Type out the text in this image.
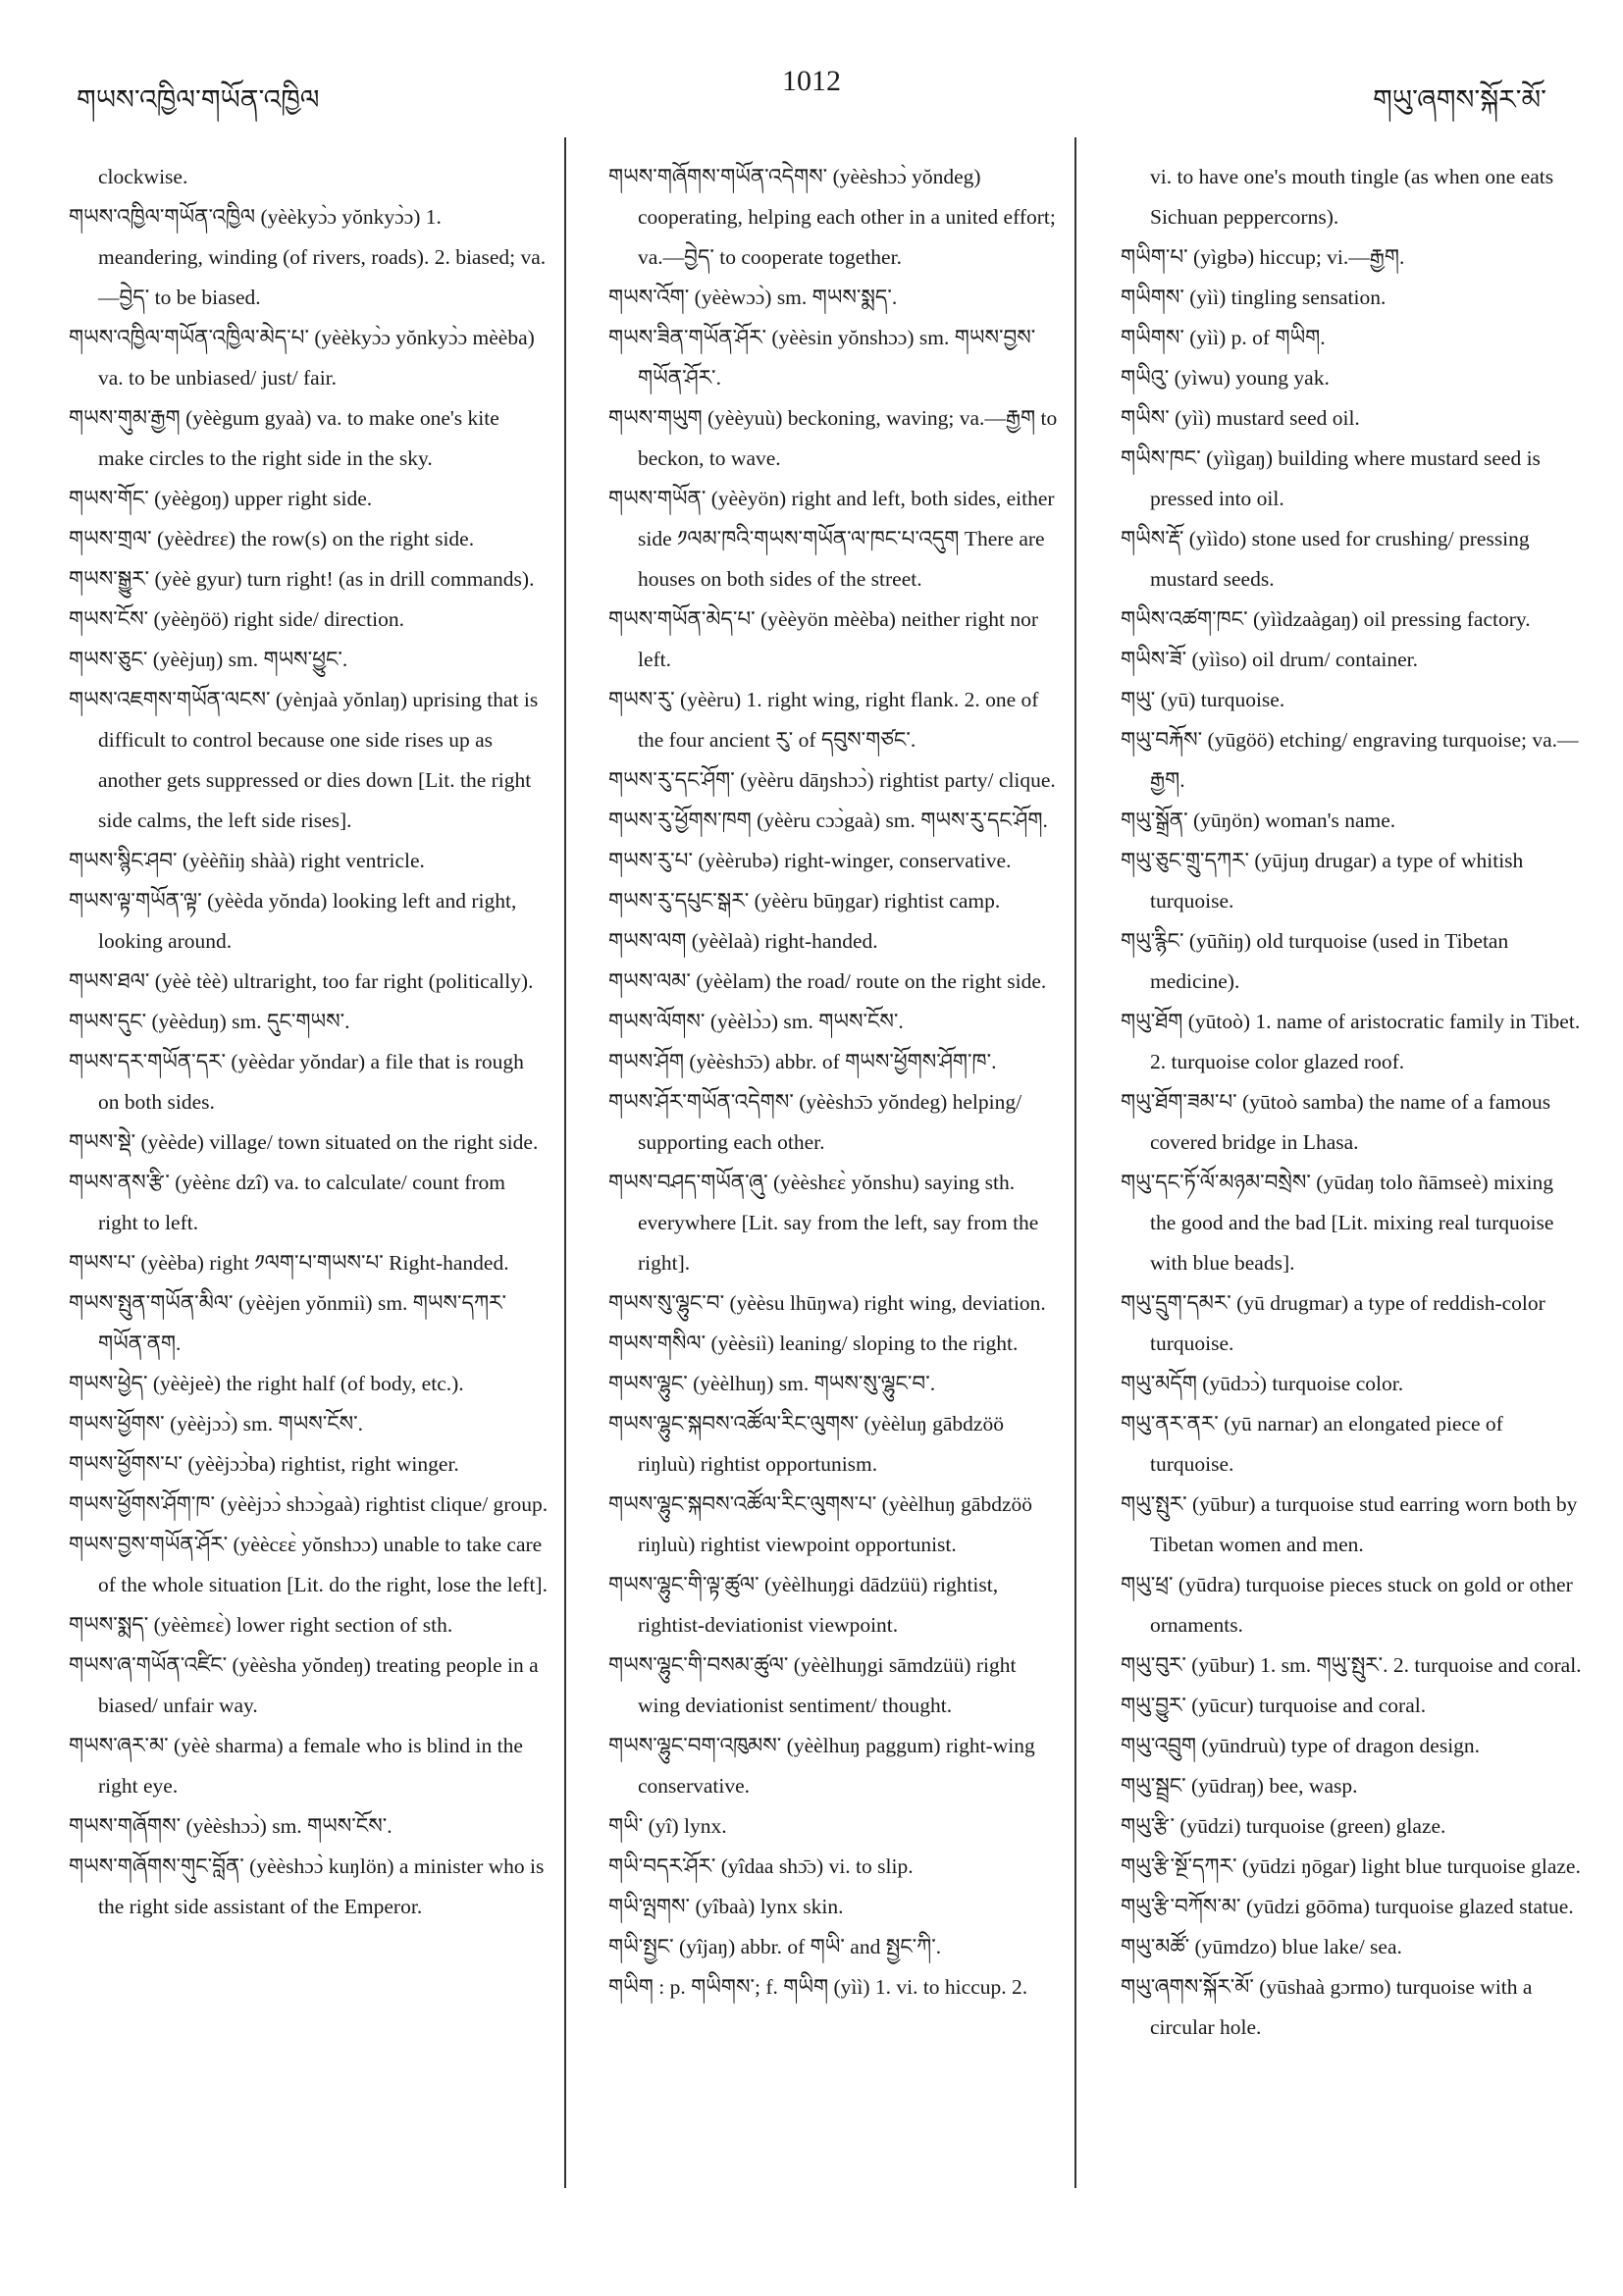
གཡས་འཁྱིལ་གཡོན་འཁྱིལ
1012
གཡུ་ཞགས་སྐོར་མོ་

clockwise.

གཡས་འཁྱིལ་གཡོན་འཁྱིལ (yèèkyɔ̀ɔ yŏnkyɔ̀ɔ) 1. meandering, winding (of rivers, roads). 2. biased; va.—བྱེད་ to be biased.

གཡས་འཁྱིལ་གཡོན་འཁྱིལ་མེད་པ་ (yèèkyɔ̀ɔ yŏnkyɔ̀ɔ mèèba) va. to be unbiased/ just/ fair.

གཡས་གུམ་རྒྱག (yèègum gyaà) va. to make one's kite make circles to the right side in the sky.

གཡས་གོང་ (yèègoŋ) upper right side.

གཡས་གྲལ་ (yèèdrɛɛ) the row(s) on the right side.

གཡས་སྒྱུར་ (yèè gyur) turn right! (as in drill commands).

གཡས་ངོས་ (yèèŋöö) right side/ direction.

གཡས་ཅུང་ (yèèjuŋ) sm. གཡས་ཕྱུང་.

གཡས་འཇགས་གཡོན་ལངས་ (yènjaà yŏnlaŋ) uprising that is difficult to control because one side rises up as another gets suppressed or dies down [Lit. the right side calms, the left side rises].

གཡས་སྙིང་ཤབ་ (yèèñiŋ shàà) right ventricle.

གཡས་ལྟ་གཡོན་ལྟ་ (yèèda yŏnda) looking left and right, looking around.

གཡས་ཐལ་ (yèè tèè) ultraright, too far right (politically).

གཡས་དུང་ (yèèduŋ) sm. དུང་གཡས་.

གཡས་དར་གཡོན་དར་ (yèèdar yŏndar) a file that is rough on both sides.

གཡས་སྡེ་ (yèède) village/ town situated on the right side.

གཡས་ནས་རྩི་ (yèènɛ dzî) va. to calculate/ count from right to left.

གཡས་པ་ (yèèba) right ༡ལག་པ་གཡས་པ་ Right-handed.

གཡས་སྤུན་གཡོན་མིལ་ (yèèjen yŏnmiì) sm. གཡས་དཀར་གཡོན་ནག.

གཡས་ཕྱེད་ (yèèjeè) the right half (of body, etc.).

གཡས་ཕྱོགས་ (yèèjɔɔ̀) sm. གཡས་ངོས་.

གཡས་ཕྱོགས་པ་ (yèèjɔɔ̀ba) rightist, right winger.

གཡས་ཕྱོགས་ཤོག་ཁ་ (yèèjɔɔ̀ shɔɔ̀gaà) rightist clique/ group.

གཡས་བྱས་གཡོན་ཤོར་ (yèècɛɛ̀ yŏnshɔɔ) unable to take care of the whole situation [Lit. do the right, lose the left].

གཡས་སྨད་ (yèèmɛɛ̀) lower right section of sth.

གཡས་ཞ་གཡོན་འཛིང་ (yèèsha yŏndeŋ) treating people in a biased/ unfair way.

གཡས་ཞར་མ་ (yèè sharma) a female who is blind in the right eye.

གཡས་གཞོགས་ (yèèshɔɔ̀) sm. གཡས་ངོས་.

གཡས་གཞོགས་གུང་བློན་ (yèèshɔɔ̀ kuŋlön) a minister who is the right side assistant of the Emperor.

གཡས་གཞོགས་གཡོན་འདེགས་ (yèèshɔɔ̀ yŏndeg) cooperating, helping each other in a united effort; va.—བྱེད་ to cooperate together.

གཡས་འོག་ (yèèwɔɔ̀) sm. གཡས་སྨད་.

གཡས་ཟིན་གཡོན་ཤོར་ (yèèsin yŏnshɔɔ) sm. གཡས་བྱས་གཡོན་ཤོར་.

གཡས་གཡུག (yèèyuù) beckoning, waving; va.—རྒྱག to beckon, to wave.

གཡས་གཡོན་ (yèèyön) right and left, both sides, either side ༡ལམ་ཁའི་གཡས་གཡོན་ལ་ཁང་པ་འདུག There are houses on both sides of the street.

གཡས་གཡོན་མེད་པ་ (yèèyön mèèba) neither right nor left.

གཡས་རུ་ (yèèru) 1. right wing, right flank. 2. one of the four ancient རུ་ of དབུས་གཙང་.

གཡས་རུ་དང་ཤོག་ (yèèru dāŋshɔɔ̀) rightist party/ clique.

གཡས་རུ་ཕྱོགས་ཁག (yèèru cɔɔ̀gaà) sm. གཡས་རུ་དང་ཤོག.

གཡས་རུ་པ་ (yèèrubə) right-winger, conservative.

གཡས་རུ་དཔུང་སྒར་ (yèèru būŋgar) rightist camp.

གཡས་ལག (yèèlaà) right-handed.

གཡས་ལམ་ (yèèlam) the road/ route on the right side.

གཡས་ལོགས་ (yèèlɔ̀ɔ) sm. གཡས་ངོས་.

གཡས་ཤོག (yèèshɔ̄ɔ) abbr. of གཡས་ཕྱོགས་ཤོག་ཁ་.

གཡས་ཤོར་གཡོན་འདེགས་ (yèèshɔ̄ɔ yŏndeg) helping/ supporting each other.

གཡས་བཤད་གཡོན་ཞུ་ (yèèshɛɛ̀ yŏnshu) saying sth. everywhere [Lit. say from the left, say from the right].

གཡས་སུ་ལྷུང་བ་ (yèèsu lhūŋwa) right wing, deviation.

གཡས་གསིལ་ (yèèsiì) leaning/ sloping to the right.

གཡས་ལྷུང་ (yèèlhuŋ) sm. གཡས་སུ་ལྷུང་བ་.

གཡས་ལྷུང་སྐབས་འཚོལ་རིང་ལུགས་ (yèèluŋ gābdzöö riŋluù) rightist opportunism.

གཡས་ལྷུང་སྐབས་འཚོལ་རིང་ལུགས་པ་ (yèèlhuŋ gābdzöö riŋluù) rightist viewpoint opportunist.

གཡས་ལྷུང་གི་ལྟ་ཚུལ་ (yèèlhuŋgi dādzüü) rightist, rightist-deviationist viewpoint.

གཡས་ལྷུང་གི་བསམ་ཚུལ་ (yèèlhuŋgi sāmdzüü) right wing deviationist sentiment/ thought.

གཡས་ལྷུང་བག་འཁུམས་ (yèèlhuŋ paggum) right-wing conservative.

གཡི་ (yî) lynx.

གཡི་བདར་ཤོར་ (yîdaa shɔ̄ɔ) vi. to slip.

གཡི་ལྤགས་ (yîbaà) lynx skin.

གཡི་སྤྱང་ (yîjaŋ) abbr. of གཡི་ and སྤྱང་ཀི་.

གཡིག : p. གཡིགས་; f. གཡིག (yìì) 1. vi. to hiccup. 2.

vi. to have one's mouth tingle (as when one eats Sichuan peppercorns).

གཡིག་པ་ (yìgbə) hiccup; vi.—རྒྱག.

གཡིགས་ (yìì) tingling sensation.

གཡིགས་ (yìì) p. of གཡིག.

གཡིའུ་ (yìwu) young yak.

གཡིས་ (yìì) mustard seed oil.

གཡིས་ཁང་ (yììgaŋ) building where mustard seed is pressed into oil.

གཡིས་རྡོ་ (yììdo) stone used for crushing/ pressing mustard seeds.

གཡིས་འཚག་ཁང་ (yììdzaàgaŋ) oil pressing factory.

གཡིས་ཟོ་ (yììso) oil drum/ container.

གཡུ་ (yū) turquoise.

གཡུ་བརྐོས་ (yūgöö) etching/ engraving turquoise; va.—རྒྱག.

གཡུ་སྒྲོན་ (yūŋön) woman's name.

གཡུ་ཅུང་གྲུ་དཀར་ (yūjuŋ drugar) a type of whitish turquoise.

གཡུ་རྙིང་ (yūñiŋ) old turquoise (used in Tibetan medicine).

གཡུ་ཐོག (yūtoò) 1. name of aristocratic family in Tibet. 2. turquoise color glazed roof.

གཡུ་ཐོག་ཟམ་པ་ (yūtoò samba) the name of a famous covered bridge in Lhasa.

གཡུ་དང་ཏོ་ལོ་མཉམ་བསྲེས་ (yūdaŋ tolo ñāmseè) mixing the good and the bad [Lit. mixing real turquoise with blue beads].

གཡུ་དྲུག་དམར་ (yū drugmar) a type of reddish-color turquoise.

གཡུ་མདོག (yūdɔɔ̀) turquoise color.

གཡུ་ནར་ནར་ (yū narnar) an elongated piece of turquoise.

གཡུ་སྤུར་ (yūbur) a turquoise stud earring worn both by Tibetan women and men.

གཡུ་ཕྲ་ (yūdra) turquoise pieces stuck on gold or other ornaments.

གཡུ་བུར་ (yūbur) 1. sm. གཡུ་སྤུར་. 2. turquoise and coral.

གཡུ་བྱུར་ (yūcur) turquoise and coral.

གཡུ་འབྲུག (yūndruù) type of dragon design.

གཡུ་སྦྲང་ (yūdraŋ) bee, wasp.

གཡུ་རྩི་ (yūdzi) turquoise (green) glaze.

གཡུ་རྩི་སྔོ་དཀར་ (yūdzi ŋōgar) light blue turquoise glaze.

གཡུ་རྩི་བཀོས་མ་ (yūdzi gōōma) turquoise glazed statue.

གཡུ་མཚོ་ (yūmdzo) blue lake/ sea.

གཡུ་ཞགས་སྐོར་མོ་ (yūshaà gɔrmo) turquoise with a circular hole.
